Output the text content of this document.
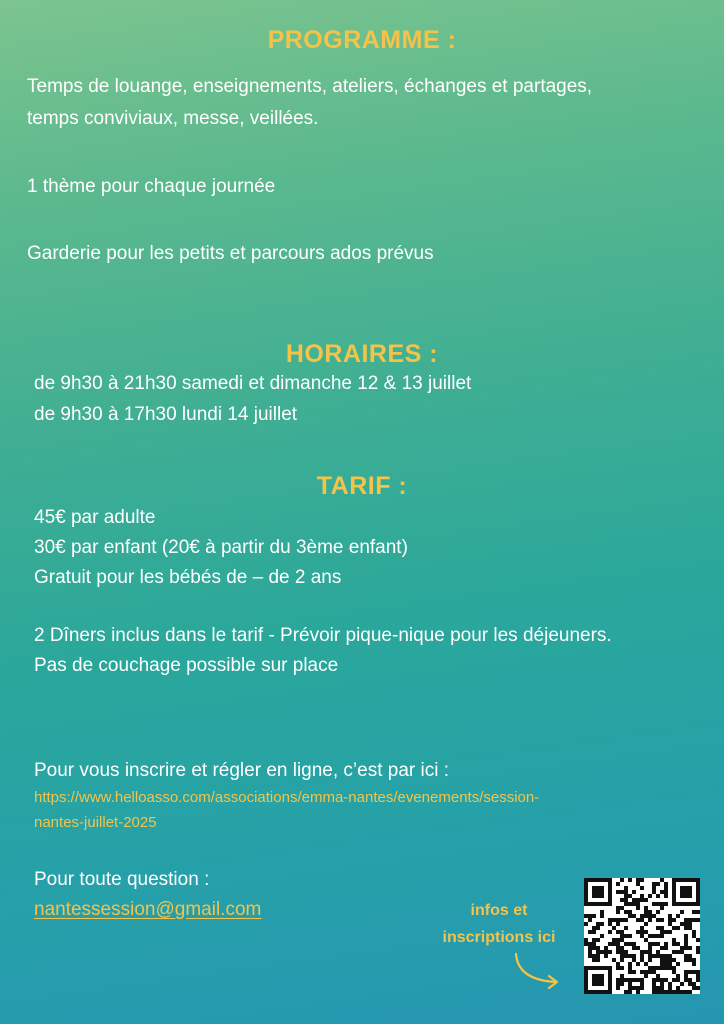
PROGRAMME :
Temps de louange, enseignements, ateliers, échanges et partages,
temps conviviaux, messe, veillées.
1 thème pour chaque journée
Garderie pour les petits et parcours ados prévus
HORAIRES :
de 9h30 à 21h30 samedi et dimanche 12 & 13 juillet
de 9h30 à 17h30 lundi 14 juillet
TARIF :
45€ par adulte
30€ par enfant (20€ à partir du 3ème enfant)
Gratuit pour les bébés de – de 2 ans
2 Dîners inclus dans le tarif - Prévoir pique-nique pour les déjeuners.
Pas de couchage possible sur place
Pour vous inscrire et régler en ligne, c’est par ici :
https://www.helloasso.com/associations/emma-nantes/evenements/session-
nantes-juillet-2025
Pour toute question :
nantessession@gmail.com	infos et
inscriptions ici
